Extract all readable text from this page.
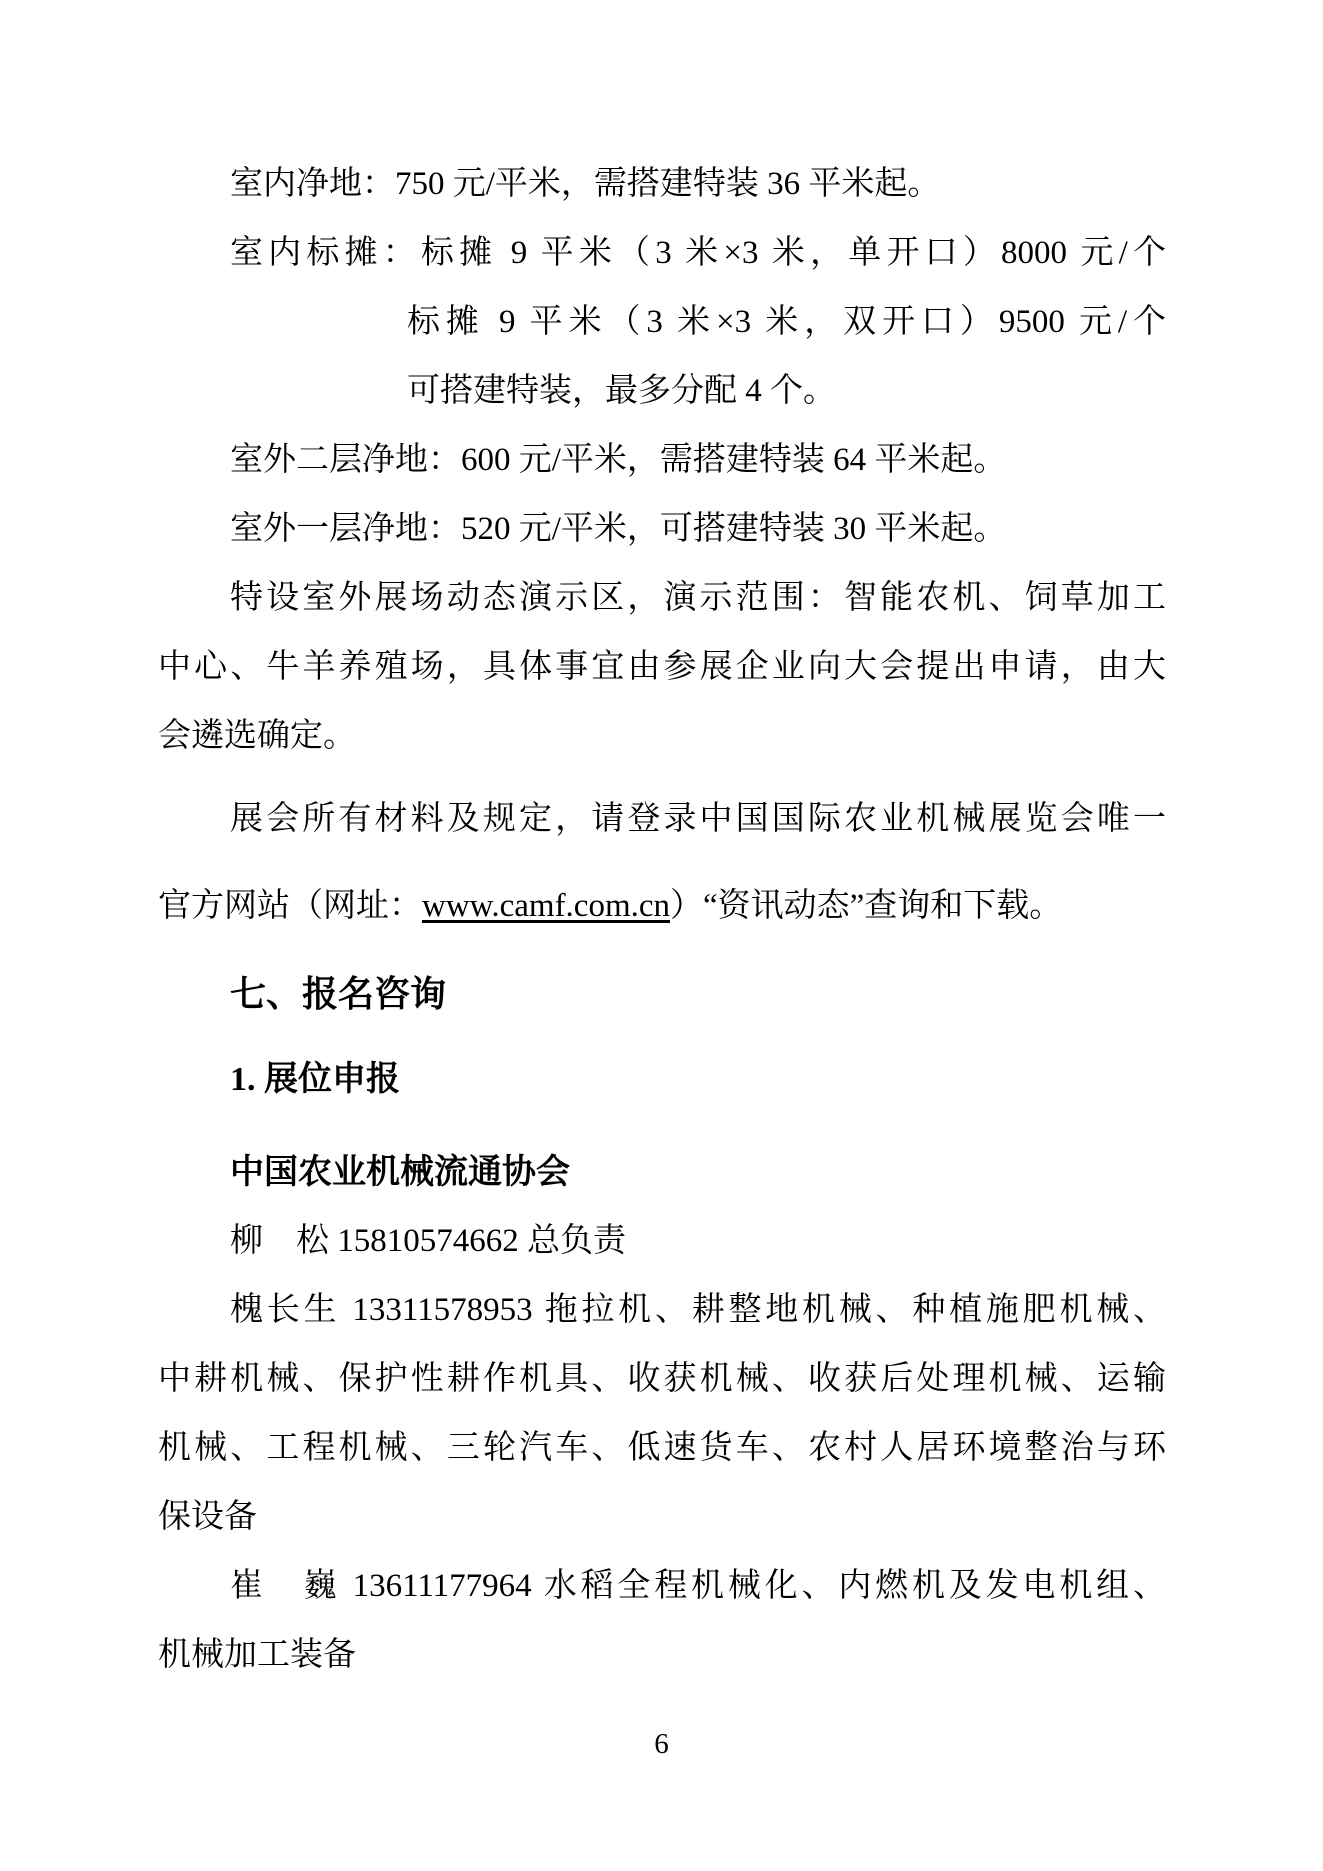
室内净地：750 元/平米，需搭建特装 36 平米起。
室内标摊：标摊 9 平米（3 米×3 米，单开口）8000 元/个
标摊 9 平米（3 米×3 米，双开口）9500 元/个
可搭建特装，最多分配 4 个。
室外二层净地：600 元/平米，需搭建特装 64 平米起。
室外一层净地：520 元/平米，可搭建特装 30 平米起。
特设室外展场动态演示区，演示范围：智能农机、饲草加工
中心、牛羊养殖场，具体事宜由参展企业向大会提出申请，由大
会遴选确定。
展会所有材料及规定，请登录中国国际农业机械展览会唯一
官方网站（网址：www.camf.com.cn）“资讯动态”查询和下载。
七、报名咨询
1. 展位申报
中国农业机械流通协会
柳  松 15810574662 总负责
槐长生 13311578953 拖拉机、耕整地机械、种植施肥机械、
中耕机械、保护性耕作机具、收获机械、收获后处理机械、运输
机械、工程机械、三轮汽车、低速货车、农村人居环境整治与环
保设备
崔  巍 13611177964 水稻全程机械化、内燃机及发电机组、
机械加工装备
6
